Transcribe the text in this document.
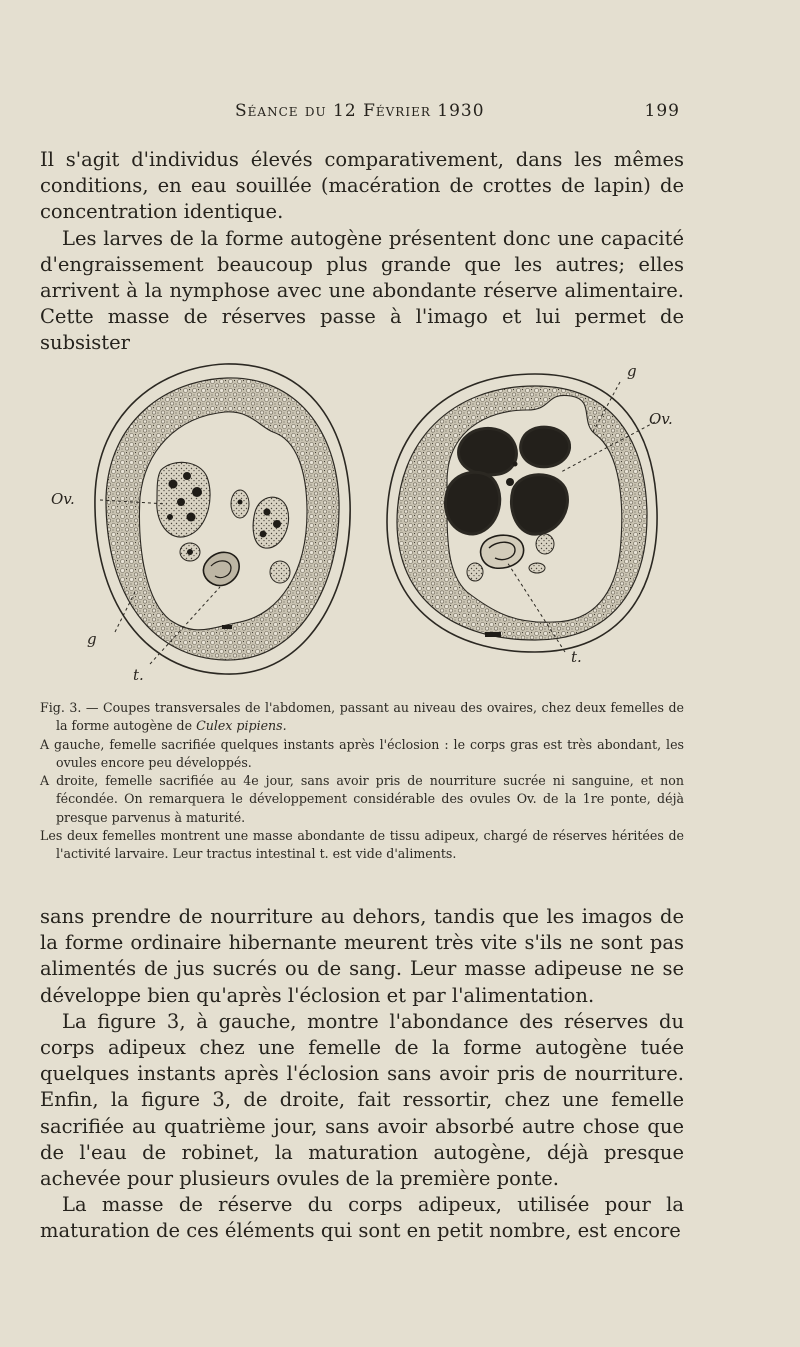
Séance du 12 Février 1930	199

Il s'agit d'individus élevés comparativement, dans les mêmes conditions, en eau souillée (macération de crottes de lapin) de concentration identique.

Les larves de la forme autogène présentent donc une capacité d'engraissement beaucoup plus grande que les autres; elles arrivent à la nymphose avec une abondante réserve alimentaire. Cette masse de réserves passe à l'imago et lui permet de subsister

Ov.
g
t.
g
Ov.
t.

Fig. 3. — Coupes transversales de l'abdomen, passant au niveau des ovaires, chez deux femelles de la forme autogène de Culex pipiens.

A gauche, femelle sacrifiée quelques instants après l'éclosion : le corps gras est très abondant, les ovules encore peu développés.

A droite, femelle sacrifiée au 4e jour, sans avoir pris de nourriture sucrée ni sanguine, et non fécondée. On remarquera le développement considérable des ovules Ov. de la 1re ponte, déjà presque parvenus à maturité.

Les deux femelles montrent une masse abondante de tissu adipeux, chargé de réserves héritées de l'activité larvaire. Leur tractus intestinal t. est vide d'aliments.

sans prendre de nourriture au dehors, tandis que les imagos de la forme ordinaire hibernante meurent très vite s'ils ne sont pas alimentés de jus sucrés ou de sang. Leur masse adipeuse ne se développe bien qu'après l'éclosion et par l'alimentation.

La figure 3, à gauche, montre l'abondance des réserves du corps adipeux chez une femelle de la forme autogène tuée quelques instants après l'éclosion sans avoir pris de nourriture. Enfin, la figure 3, de droite, fait ressortir, chez une femelle sacrifiée au quatrième jour, sans avoir absorbé autre chose que de l'eau de robinet, la maturation autogène, déjà presque achevée pour plusieurs ovules de la première ponte.

La masse de réserve du corps adipeux, utilisée pour la maturation de ces éléments qui sont en petit nombre, est encore
